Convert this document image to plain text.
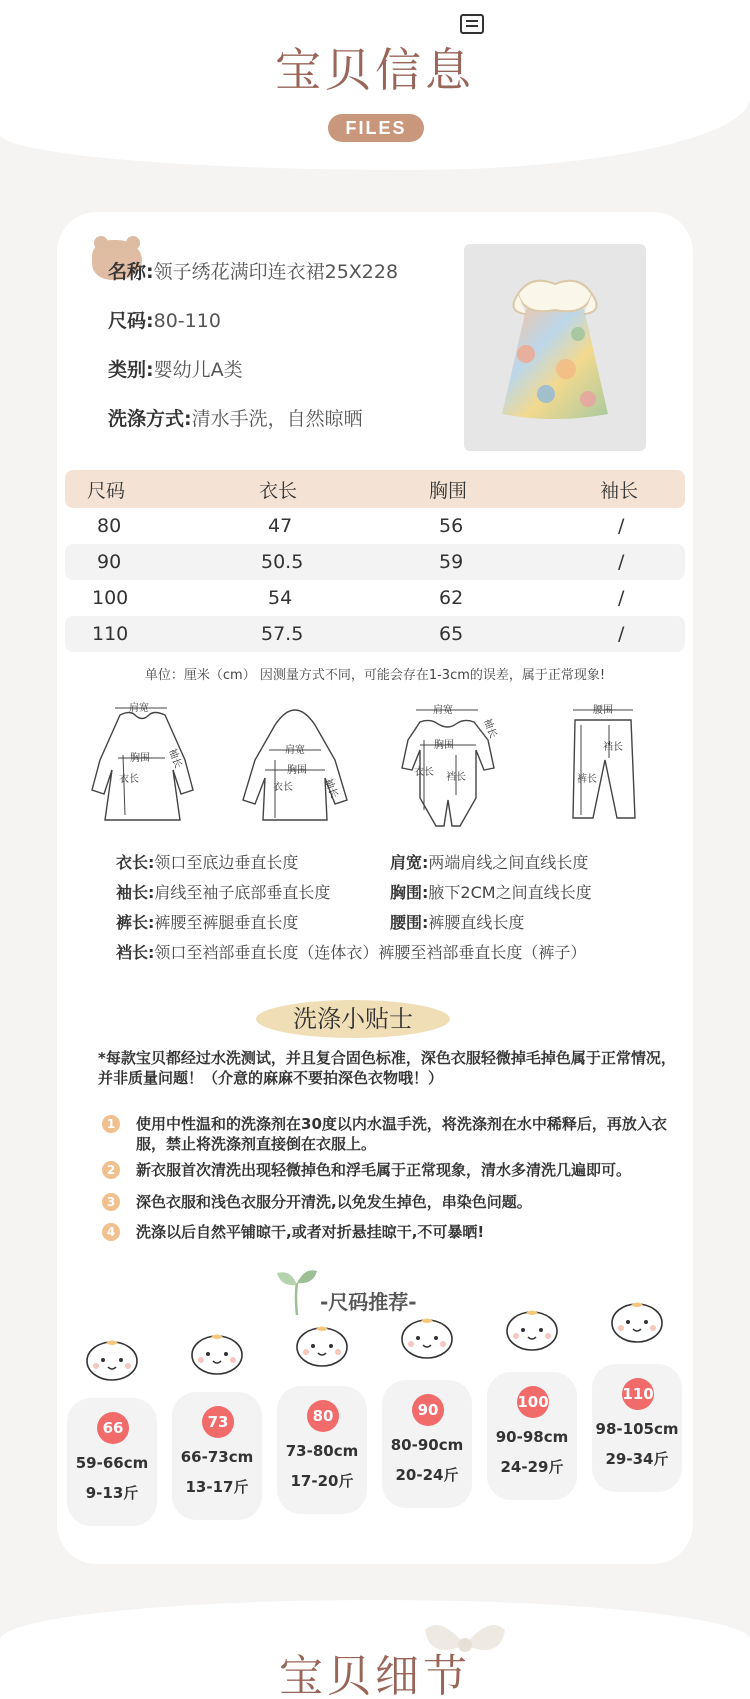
宝贝信息
FILES
名称:领子绣花满印连衣裙25X228
尺码:80-110
类别:婴幼儿A类
洗涤方式:清水手洗，自然晾晒
尺码	衣长	胸围	袖长
80	47	56	/
90	50.5	59	/
100	54	62	/
110	57.5	65	/
单位：厘米（cm） 因测量方式不同，可能会存在1-3cm的误差，属于正常现象!
肩宽
胸围
衣长
袖长	肩宽
胸围
衣长	袖长
肩宽
胸围
衣长 裆长
袖长
腰围
裆长
裤长
衣长:领口至底边垂直长度	肩宽:两端肩线之间直线长度
袖长:肩线至袖子底部垂直长度	胸围:腋下2CM之间直线长度
裤长:裤腰至裤腿垂直长度	腰围:裤腰直线长度
裆长:领口至裆部垂直长度（连体衣）裤腰至裆部垂直长度（裤子）
洗涤小贴士
*每款宝贝都经过水洗测试，并且复合固色标准，深色衣服轻微掉毛掉色属于正常情况，并非质量问题！（介意的麻麻不要拍深色衣物哦！）
1	使用中性温和的洗涤剂在30度以内水温手洗，将洗涤剂在水中稀释后，再放入衣服，禁止将洗涤剂直接倒在衣服上。
2	新衣服首次清洗出现轻微掉色和浮毛属于正常现象，清水多清洗几遍即可。
3	深色衣服和浅色衣服分开清洗,以免发生掉色，串染色问题。
4	洗涤以后自然平铺晾干,或者对折悬挂晾干,不可暴晒!
-尺码推荐-
66
59-66cm
9-13斤
73
66-73cm
13-17斤
80
73-80cm
17-20斤
90
80-90cm
20-24斤
100
90-98cm
24-29斤
110
98-105cm
29-34斤
宝贝细节
